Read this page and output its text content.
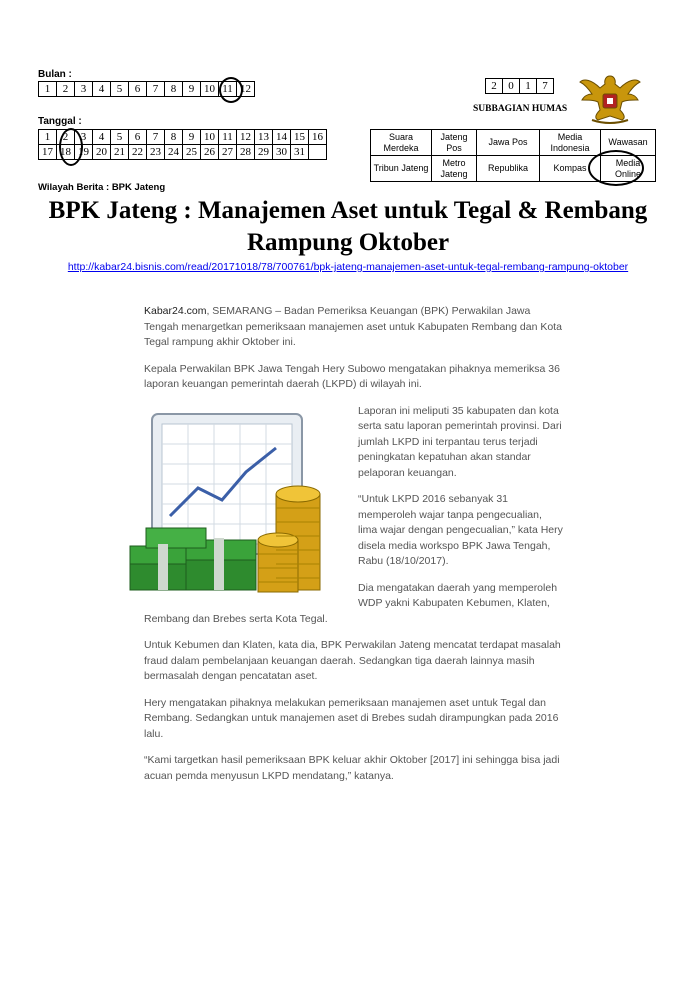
Bulan :
1	2	3	4	5	6	7	8	9	10	11	12
Tanggal :
1	2	3	4	5	6	7	8	9	10	11	12	13	14	15	16
17	18	19	20	21	22	23	24	25	26	27	28	29	30	31	
Wilayah Berita : BPK Jateng
2	0	1	7
SUBBAGIAN HUMAS
Suara Merdeka	Jateng Pos	Jawa Pos	Media Indonesia	Wawasan
Tribun Jateng	Metro Jateng	Republika	Kompas	Media Online
BPK Jateng : Manajemen Aset untuk Tegal & Rembang Rampung Oktober
http://kabar24.bisnis.com/read/20171018/78/700761/bpk-jateng-manajemen-aset-untuk-tegal-rembang-rampung-oktober

Kabar24.com, SEMARANG – Badan Pemeriksa Keuangan (BPK) Perwakilan Jawa Tengah menargetkan pemeriksaan manajemen aset untuk Kabupaten Rembang dan Kota Tegal rampung akhir Oktober ini.

Kepala Perwakilan BPK Jawa Tengah Hery Subowo mengatakan pihaknya memeriksa 36 laporan keuangan pemerintah daerah (LKPD) di wilayah ini.

Laporan ini meliputi 35 kabupaten dan kota serta satu laporan pemerintah provinsi. Dari jumlah LKPD ini terpantau terus terjadi peningkatan kepatuhan akan standar pelaporan keuangan.

“Untuk LKPD 2016 sebanyak 31 memperoleh wajar tanpa pengecualian, lima wajar dengan pengecualian,” kata Hery disela media workspo BPK Jawa Tengah, Rabu (18/10/2017).

Dia mengatakan daerah yang memperoleh WDP yakni Kabupaten Kebumen, Klaten, Rembang dan Brebes serta Kota Tegal.

Untuk Kebumen dan Klaten, kata dia, BPK Perwakilan Jateng mencatat terdapat masalah fraud dalam pembelanjaan keuangan daerah. Sedangkan tiga daerah lainnya masih bermasalah dengan pencatatan aset.

Hery mengatakan pihaknya melakukan pemeriksaan manajemen aset untuk Tegal dan Rembang. Sedangkan untuk manajemen aset di Brebes sudah dirampungkan pada 2016 lalu.

“Kami targetkan hasil pemeriksaan BPK keluar akhir Oktober [2017] ini sehingga bisa jadi acuan pemda menyusun LKPD mendatang,” katanya.
